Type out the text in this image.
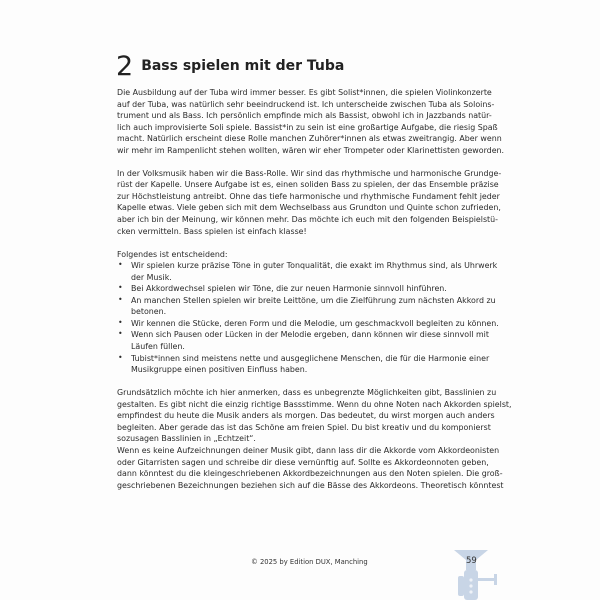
2 Bass spielen mit der Tuba
Die Ausbildung auf der Tuba wird immer besser. Es gibt Solist*innen, die spielen Violinkonzerte
auf der Tuba, was natürlich sehr beeindruckend ist. Ich unterscheide zwischen Tuba als Soloins-
trument und als Bass. Ich persönlich empfinde mich als Bassist, obwohl ich in Jazzbands natür-
lich auch improvisierte Soli spiele. Bassist*in zu sein ist eine großartige Aufgabe, die riesig Spaß
macht. Natürlich erscheint diese Rolle manchen Zuhörer*innen als etwas zweitrangig. Aber wenn
wir mehr im Rampenlicht stehen wollten, wären wir eher Trompeter oder Klarinettisten geworden.
In der Volksmusik haben wir die Bass-Rolle. Wir sind das rhythmische und harmonische Grundge-
rüst der Kapelle. Unsere Aufgabe ist es, einen soliden Bass zu spielen, der das Ensemble präzise
zur Höchstleistung antreibt. Ohne das tiefe harmonische und rhythmische Fundament fehlt jeder
Kapelle etwas. Viele geben sich mit dem Wechselbass aus Grundton und Quinte schon zufrieden,
aber ich bin der Meinung, wir können mehr. Das möchte ich euch mit den folgenden Beispielstü-
cken vermitteln. Bass spielen ist einfach klasse!
Folgendes ist entscheidend:
• Wir spielen kurze präzise Töne in guter Tonqualität, die exakt im Rhythmus sind, als Uhrwerk
der Musik.
• Bei Akkordwechsel spielen wir Töne, die zur neuen Harmonie sinnvoll hinführen.
• An manchen Stellen spielen wir breite Leittöne, um die Zielführung zum nächsten Akkord zu
betonen.
• Wir kennen die Stücke, deren Form und die Melodie, um geschmackvoll begleiten zu können.
• Wenn sich Pausen oder Lücken in der Melodie ergeben, dann können wir diese sinnvoll mit
Läufen füllen.
• Tubist*innen sind meistens nette und ausgeglichene Menschen, die für die Harmonie einer
Musikgruppe einen positiven Einfluss haben.
Grundsätzlich möchte ich hier anmerken, dass es unbegrenzte Möglichkeiten gibt, Basslinien zu
gestalten. Es gibt nicht die einzig richtige Bassstimme. Wenn du ohne Noten nach Akkorden spielst,
empfindest du heute die Musik anders als morgen. Das bedeutet, du wirst morgen auch anders
begleiten. Aber gerade das ist das Schöne am freien Spiel. Du bist kreativ und du komponierst
sozusagen Basslinien in „Echtzeit“.
Wenn es keine Aufzeichnungen deiner Musik gibt, dann lass dir die Akkorde vom Akkordeonisten
oder Gitarristen sagen und schreibe dir diese vernünftig auf. Sollte es Akkordeonnoten geben,
dann könntest du die kleingeschriebenen Akkordbezeichnungen aus den Noten spielen. Die groß-
geschriebenen Bezeichnungen beziehen sich auf die Bässe des Akkordeons. Theoretisch könntest
© 2025 by Edition DUX, Manching	59
